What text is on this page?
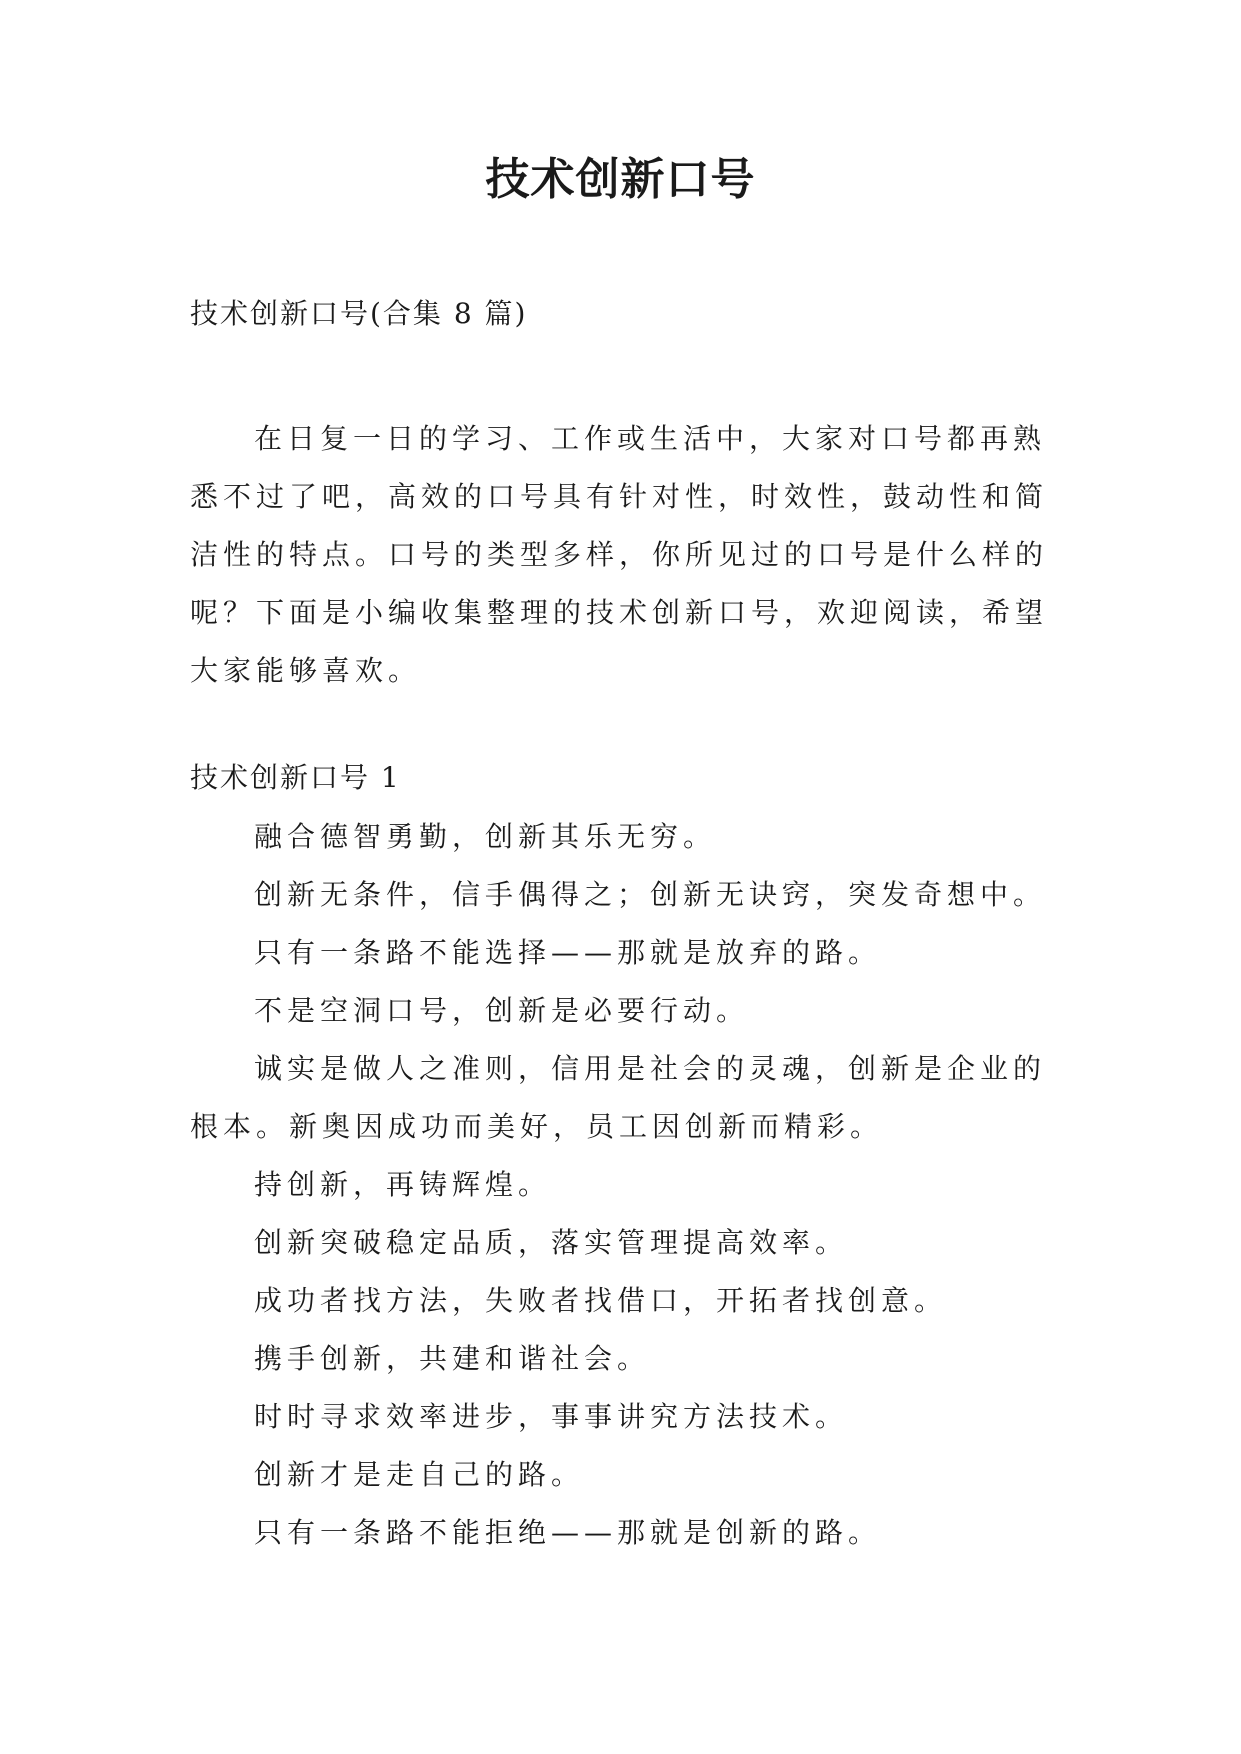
技术创新口号

技术创新口号(合集 8 篇)

在日复一日的学习、工作或生活中，大家对口号都再熟悉不过了吧，高效的口号具有针对性，时效性，鼓动性和简洁性的特点。口号的类型多样，你所见过的口号是什么样的呢？下面是小编收集整理的技术创新口号，欢迎阅读，希望大家能够喜欢。

技术创新口号 1

融合德智勇勤，创新其乐无穷。
创新无条件，信手偶得之；创新无诀窍，突发奇想中。
只有一条路不能选择——那就是放弃的路。
不是空洞口号，创新是必要行动。
诚实是做人之准则，信用是社会的灵魂，创新是企业的根本。新奥因成功而美好，员工因创新而精彩。
持创新，再铸辉煌。
创新突破稳定品质，落实管理提高效率。
成功者找方法，失败者找借口，开拓者找创意。
携手创新，共建和谐社会。
时时寻求效率进步，事事讲究方法技术。
创新才是走自己的路。
只有一条路不能拒绝——那就是创新的路。
